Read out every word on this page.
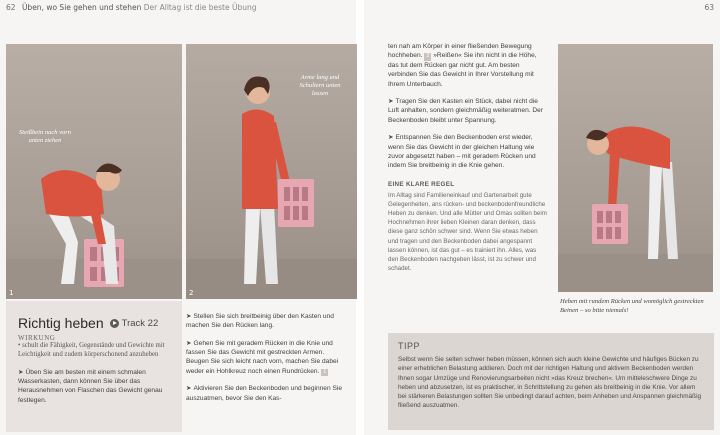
62 Üben, wo Sie gehen und stehen Der Alltag ist die beste Übung	63
Steißbein nach vorn unten ziehen
1
Arme lang und Schultern unten lassen
2
Richtig heben Track 22
WIRKUNG
• schult die Fähigkeit, Gegenstände und Gewichte mit Leichtigkeit und zudem körperschonend anzuheben
➤ Üben Sie am besten mit einem schmalen Wasserkasten, dann können Sie über das Herausnehmen von Flaschen das Gewicht genau festlegen.
➤ Stellen Sie sich breitbeinig über den Kasten und machen Sie den Rücken lang.
➤ Gehen Sie mit geradem Rücken in die Knie und fassen Sie das Gewicht mit gestreckten Armen. Beugen Sie sich leicht nach vorn, machen Sie dabei weder ein Hohlkreuz noch einen Rundrücken. 1
➤ Aktivieren Sie den Beckenboden und beginnen Sie auszuatmen, bevor Sie den Kas-
ten nah am Körper in einer fließenden Bewegung hochheben. 2 »Reißen« Sie ihn nicht in die Höhe, das tut dem Rücken gar nicht gut. Am besten verbinden Sie das Gewicht in Ihrer Vorstellung mit Ihrem Unterbauch.
➤ Tragen Sie den Kasten ein Stück, dabei nicht die Luft anhalten, sondern gleichmäßig weiteratmen. Der Beckenboden bleibt unter Spannung.
➤ Entspannen Sie den Beckenboden erst wieder, wenn Sie das Gewicht in der gleichen Haltung wie zuvor abgesetzt haben – mit geradem Rücken und indem Sie breitbeinig in die Knie gehen.
EINE KLARE REGEL
Im Alltag sind Familieneinkauf und Gartenarbeit gute Gelegenheiten, ans rücken- und beckenbodenfreundliche Heben zu denken. Und alle Mütter und Omas sollten beim Hochnehmen ihrer lieben Kleinen daran denken, dass diese ganz schön schwer sind. Wenn Sie etwas heben und tragen und den Beckenboden dabei angespannt lassen können, ist das gut – es trainiert ihn. Alles, was den Beckenboden nachgeben lässt, ist zu schwer und schadet.
Heben mit rundem Rücken und womöglich gestreckten Beinen – so bitte niemals!
TIPP
Selbst wenn Sie selten schwer heben müssen, können sich auch kleine Gewichte und häufiges Bücken zu einer erheblichen Belastung addieren. Doch mit der richtigen Haltung und aktivem Beckenboden werden Ihnen sogar Umzüge und Renovierungsarbeiten nicht »das Kreuz brechen«. Um mitteleschwere Dinge zu heben und abzusetzen, ist es praktischer, in Schrittstellung zu gehen als breitbeinig in die Knie. Vor allem bei stärkeren Belastungen sollten Sie unbedingt darauf achten, beim Anheben und Anspannen gleichmäßig fließend auszuatmen.
